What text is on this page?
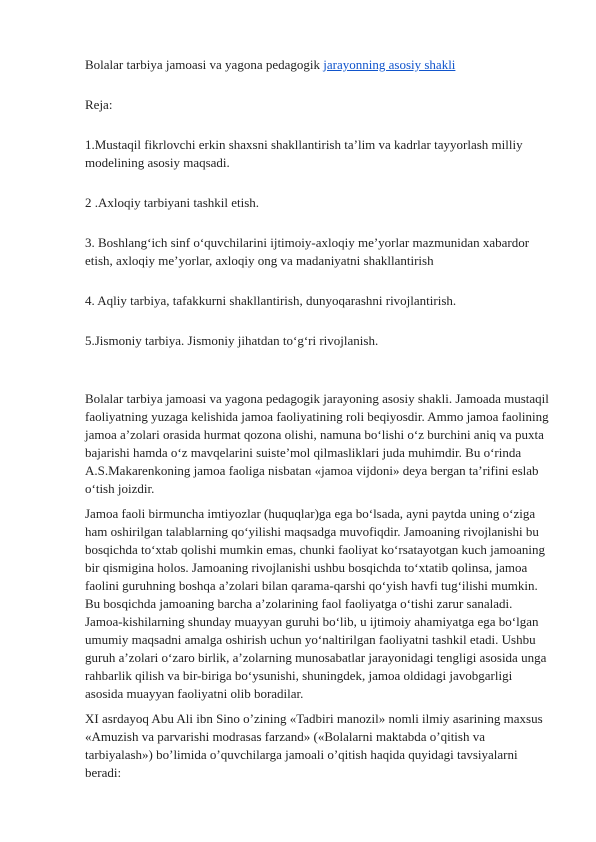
Bolalar tarbiya jamoasi va yagona pedagogik jarayonning asosiy shakli

Reja:

1.Mustaqil fikrlovchi erkin shaxsni shakllantirish ta’lim va kadrlar tayyorlash milliy modelining asosiy maqsadi.

2 .Axloqiy tarbiyani tashkil etish.

3. Boshlangʻich sinf oʻquvchilarini ijtimoiy-axloqiy me’yorlar mazmunidan xabardor etish, axloqiy me’yorlar, axloqiy ong va madaniyatni shakllantirish

4. Aqliy tarbiya, tafakkurni shakllantirish, dunyoqarashni rivojlantirish.

5.Jismoniy tarbiya. Jismoniy jihatdan toʻgʻri rivojlanish.

Bolalar tarbiya jamoasi va yagona pedagogik jarayoning asosiy shakli. Jamoada mustaqil faoliyatning yuzaga kelishida jamoa faoliyatining roli beqiyosdir. Ammo jamoa faolining jamoa a’zolari orasida hurmat qozona olishi, namuna boʻlishi oʻz burchini aniq va puxta bajarishi hamda oʻz mavqelarini suiste’mol qilmasliklari juda muhimdir. Bu oʻrinda A.S.Makarenkoning jamoa faoliga nisbatan «jamoa vijdoni» deya bergan ta’rifini eslab oʻtish joizdir.

Jamoa faoli birmuncha imtiyozlar (huquqlar)ga ega boʻlsada, ayni paytda uning oʻziga ham oshirilgan talablarning qoʻyilishi maqsadga muvofiqdir. Jamoaning rivojlanishi bu bosqichda toʻxtab qolishi mumkin emas, chunki faoliyat koʻrsatayotgan kuch jamoaning bir qismigina holos. Jamoaning rivojlanishi ushbu bosqichda toʻxtatib qolinsa, jamoa faolini guruhning boshqa a’zolari bilan qarama-qarshi qoʻyish havfi tugʻilishi mumkin. Bu bosqichda jamoaning barcha a’zolarining faol faoliyatga oʻtishi zarur sanaladi. Jamoa-kishilarning shunday muayyan guruhi boʻlib, u ijtimoiy ahamiyatga ega boʻlgan umumiy maqsadni amalga oshirish uchun yoʻnaltirilgan faoliyatni tashkil etadi. Ushbu guruh a’zolari oʻzaro birlik, a’zolarning munosabatlar jarayonidagi tengligi asosida unga rahbarlik qilish va bir-biriga boʻysunishi, shuningdek, jamoa oldidagi javobgarligi asosida muayyan faoliyatni olib boradilar.

XI asrdayoq Abu Ali ibn Sino o’zining «Tadbiri manozil» nomli ilmiy asarining maxsus «Amuzish va parvarishi modrasas farzand» («Bolalarni maktabda o’qitish va tarbiyalash») bo’limida o’quvchilarga jamoali o’qitish haqida quyidagi tavsiyalarni beradi:
